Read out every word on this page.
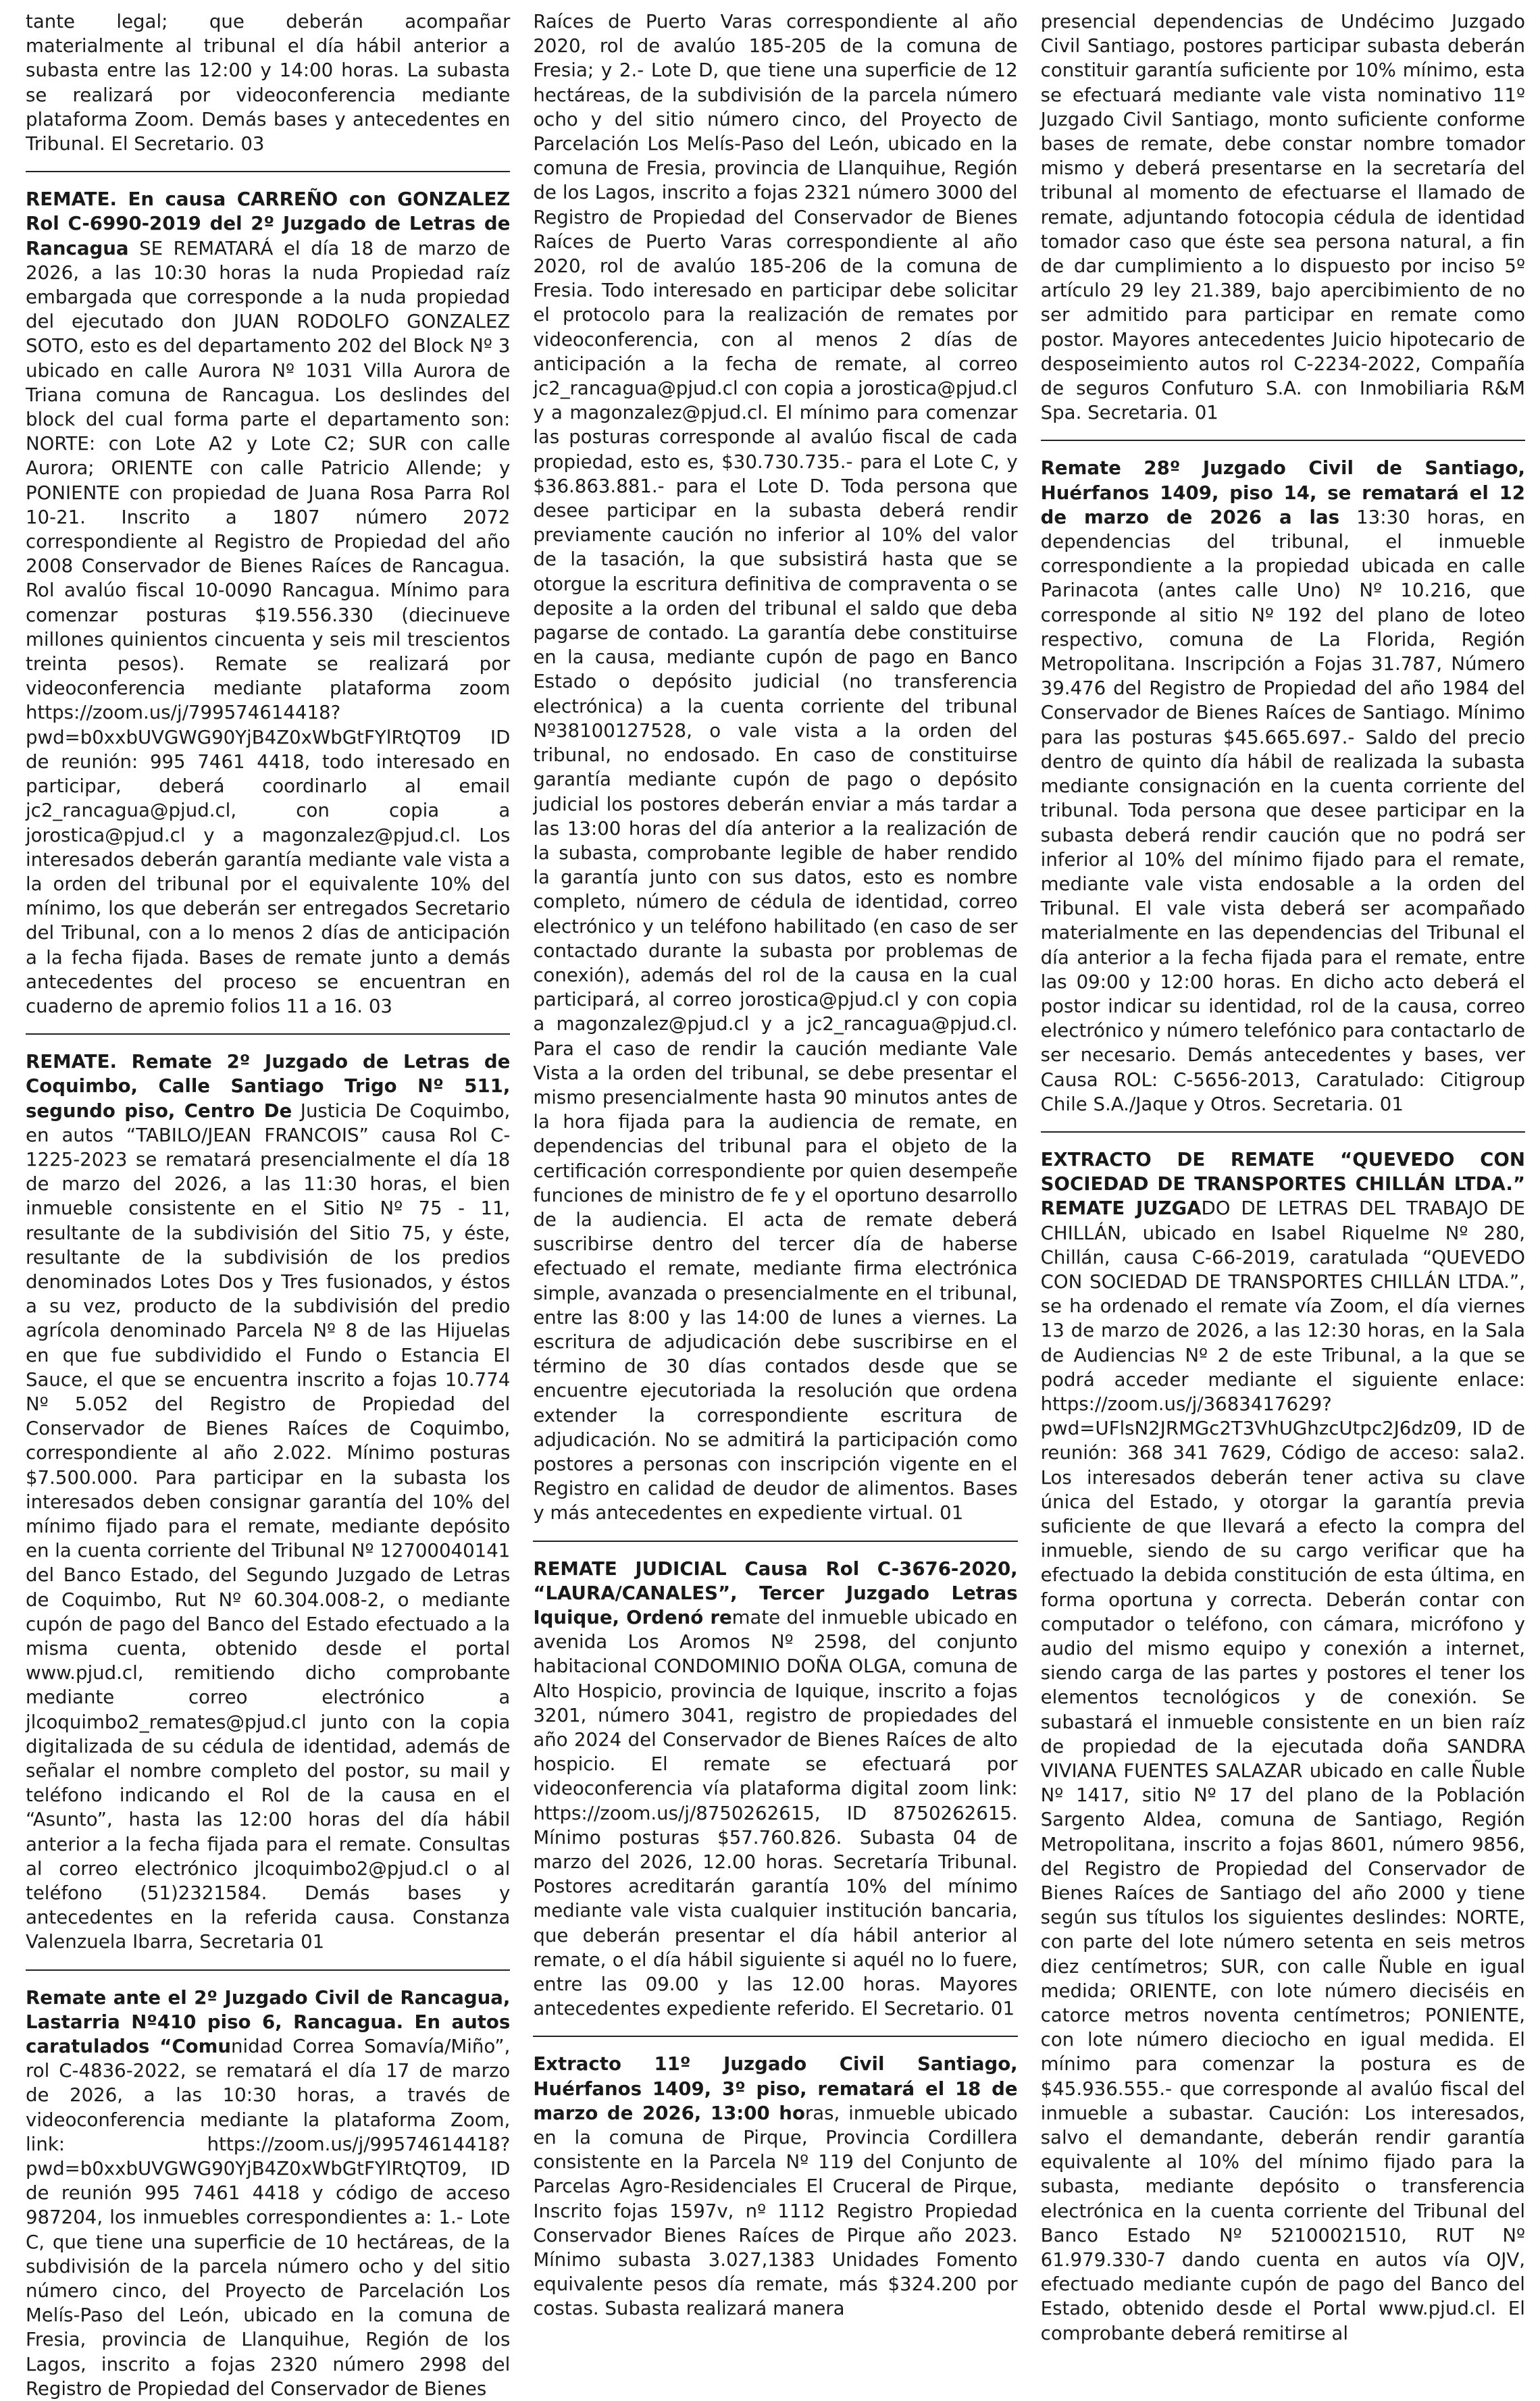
tante legal; que deberán acompañar materialmente al tribunal el día hábil anterior a subasta entre las 12:00 y 14:00 horas. La subasta se realizará por videoconferencia mediante plataforma Zoom. Demás bases y antecedentes en Tribunal. El Secretario. 03

REMATE. En causa CARREÑO con GONZALEZ Rol C-6990-2019 del 2º Juzgado de Letras de Rancagua SE REMATARÁ el día 18 de marzo de 2026, a las 10:30 horas la nuda Propiedad raíz embargada que corresponde a la nuda propiedad del ejecutado don JUAN RODOLFO GONZALEZ SOTO, esto es del departamento 202 del Block Nº 3 ubicado en calle Aurora Nº 1031 Villa Aurora de Triana comuna de Rancagua. Los deslindes del block del cual forma parte el departamento son: NORTE: con Lote A2 y Lote C2; SUR con calle Aurora; ORIENTE con calle Patricio Allende; y PONIENTE con propiedad de Juana Rosa Parra Rol 10-21. Inscrito a 1807 número 2072 correspondiente al Registro de Propiedad del año 2008 Conservador de Bienes Raíces de Rancagua. Rol avalúo fiscal 10-0090 Rancagua. Mínimo para comenzar posturas $19.556.330 (diecinueve millones quinientos cincuenta y seis mil trescientos treinta pesos). Remate se realizará por videoconferencia mediante plataforma zoom https://zoom.us/j/799574614418?pwd=b0xxbUVGWG90YjB4Z0xWbGtFYlRtQT09 ID de reunión: 995 7461 4418, todo interesado en participar, deberá coordinarlo al email jc2_rancagua@pjud.cl, con copia a jorostica@pjud.cl y a magonzalez@pjud.cl. Los interesados deberán garantía mediante vale vista a la orden del tribunal por el equivalente 10% del mínimo, los que deberán ser entregados Secretario del Tribunal, con a lo menos 2 días de anticipación a la fecha fijada. Bases de remate junto a demás antecedentes del proceso se encuentran en cuaderno de apremio folios 11 a 16. 03

REMATE. Remate 2º Juzgado de Letras de Coquimbo, Calle Santiago Trigo Nº 511, segundo piso, Centro De Justicia De Coquimbo, en autos “TABILO/JEAN FRANCOIS” causa Rol C-1225-2023 se rematará presencialmente el día 18 de marzo del 2026, a las 11:30 horas, el bien inmueble consistente en el Sitio Nº 75 - 11, resultante de la subdivisión del Sitio 75, y éste, resultante de la subdivisión de los predios denominados Lotes Dos y Tres fusionados, y éstos a su vez, producto de la subdivisión del predio agrícola denominado Parcela Nº 8 de las Hijuelas en que fue subdividido el Fundo o Estancia El Sauce, el que se encuentra inscrito a fojas 10.774 Nº 5.052 del Registro de Propiedad del Conservador de Bienes Raíces de Coquimbo, correspondiente al año 2.022. Mínimo posturas $7.500.000. Para participar en la subasta los interesados deben consignar garantía del 10% del mínimo fijado para el remate, mediante depósito en la cuenta corriente del Tribunal Nº 12700040141 del Banco Estado, del Segundo Juzgado de Letras de Coquimbo, Rut Nº 60.304.008-2, o mediante cupón de pago del Banco del Estado efectuado a la misma cuenta, obtenido desde el portal www.pjud.cl, remitiendo dicho comprobante mediante correo electrónico a jlcoquimbo2_remates@pjud.cl junto con la copia digitalizada de su cédula de identidad, además de señalar el nombre completo del postor, su mail y teléfono indicando el Rol de la causa en el “Asunto”, hasta las 12:00 horas del día hábil anterior a la fecha fijada para el remate. Consultas al correo electrónico jlcoquimbo2@pjud.cl o al teléfono (51)2321584. Demás bases y antecedentes en la referida causa. Constanza Valenzuela Ibarra, Secretaria 01

Remate ante el 2º Juzgado Civil de Rancagua, Lastarria Nº410 piso 6, Rancagua. En autos caratulados “Comunidad Correa Somavía/Miño”, rol C-4836-2022, se rematará el día 17 de marzo de 2026, a las 10:30 horas, a través de videoconferencia mediante la plataforma Zoom, link: https://zoom.us/j/99574614418?pwd=b0xxbUVGWG90YjB4Z0xWbGtFYlRtQT09, ID de reunión 995 7461 4418 y código de acceso 987204, los inmuebles correspondientes a: 1.- Lote C, que tiene una superficie de 10 hectáreas, de la subdivisión de la parcela número ocho y del sitio número cinco, del Proyecto de Parcelación Los Melís-Paso del León, ubicado en la comuna de Fresia, provincia de Llanquihue, Región de los Lagos, inscrito a fojas 2320 número 2998 del Registro de Propiedad del Conservador de Bienes

Raíces de Puerto Varas correspondiente al año 2020, rol de avalúo 185-205 de la comuna de Fresia; y 2.- Lote D, que tiene una superficie de 12 hectáreas, de la subdivisión de la parcela número ocho y del sitio número cinco, del Proyecto de Parcelación Los Melís-Paso del León, ubicado en la comuna de Fresia, provincia de Llanquihue, Región de los Lagos, inscrito a fojas 2321 número 3000 del Registro de Propiedad del Conservador de Bienes Raíces de Puerto Varas correspondiente al año 2020, rol de avalúo 185-206 de la comuna de Fresia. Todo interesado en participar debe solicitar el protocolo para la realización de remates por videoconferencia, con al menos 2 días de anticipación a la fecha de remate, al correo jc2_rancagua@pjud.cl con copia a jorostica@pjud.cl y a magonzalez@pjud.cl. El mínimo para comenzar las posturas corresponde al avalúo fiscal de cada propiedad, esto es, $30.730.735.- para el Lote C, y $36.863.881.- para el Lote D. Toda persona que desee participar en la subasta deberá rendir previamente caución no inferior al 10% del valor de la tasación, la que subsistirá hasta que se otorgue la escritura definitiva de compraventa o se deposite a la orden del tribunal el saldo que deba pagarse de contado. La garantía debe constituirse en la causa, mediante cupón de pago en Banco Estado o depósito judicial (no transferencia electrónica) a la cuenta corriente del tribunal Nº38100127528, o vale vista a la orden del tribunal, no endosado. En caso de constituirse garantía mediante cupón de pago o depósito judicial los postores deberán enviar a más tardar a las 13:00 horas del día anterior a la realización de la subasta, comprobante legible de haber rendido la garantía junto con sus datos, esto es nombre completo, número de cédula de identidad, correo electrónico y un teléfono habilitado (en caso de ser contactado durante la subasta por problemas de conexión), además del rol de la causa en la cual participará, al correo jorostica@pjud.cl y con copia a magonzalez@pjud.cl y a jc2_rancagua@pjud.cl. Para el caso de rendir la caución mediante Vale Vista a la orden del tribunal, se debe presentar el mismo presencialmente hasta 90 minutos antes de la hora fijada para la audiencia de remate, en dependencias del tribunal para el objeto de la certificación correspondiente por quien desempeñe funciones de ministro de fe y el oportuno desarrollo de la audiencia. El acta de remate deberá suscribirse dentro del tercer día de haberse efectuado el remate, mediante firma electrónica simple, avanzada o presencialmente en el tribunal, entre las 8:00 y las 14:00 de lunes a viernes. La escritura de adjudicación debe suscribirse en el término de 30 días contados desde que se encuentre ejecutoriada la resolución que ordena extender la correspondiente escritura de adjudicación. No se admitirá la participación como postores a personas con inscripción vigente en el Registro en calidad de deudor de alimentos. Bases y más antecedentes en expediente virtual. 01

REMATE JUDICIAL Causa Rol C-3676-2020, “LAURA/CANALES”, Tercer Juzgado Letras Iquique, Ordenó remate del inmueble ubicado en avenida Los Aromos Nº 2598, del conjunto habitacional CONDOMINIO DOÑA OLGA, comuna de Alto Hospicio, provincia de Iquique, inscrito a fojas 3201, número 3041, registro de propiedades del año 2024 del Conservador de Bienes Raíces de alto hospicio. El remate se efectuará por videoconferencia vía plataforma digital zoom link: https://zoom.us/j/8750262615, ID 8750262615. Mínimo posturas $57.760.826. Subasta 04 de marzo del 2026, 12.00 horas. Secretaría Tribunal. Postores acreditarán garantía 10% del mínimo mediante vale vista cualquier institución bancaria, que deberán presentar el día hábil anterior al remate, o el día hábil siguiente si aquél no lo fuere, entre las 09.00 y las 12.00 horas. Mayores antecedentes expediente referido. El Secretario. 01

Extracto 11º Juzgado Civil Santiago, Huérfanos 1409, 3º piso, rematará el 18 de marzo de 2026, 13:00 horas, inmueble ubicado en la comuna de Pirque, Provincia Cordillera consistente en la Parcela Nº 119 del Conjunto de Parcelas Agro-Residenciales El Cruceral de Pirque, Inscrito fojas 1597v, nº 1112 Registro Propiedad Conservador Bienes Raíces de Pirque año 2023. Mínimo subasta 3.027,1383 Unidades Fomento equivalente pesos día remate, más $324.200 por costas. Subasta realizará manera

presencial dependencias de Undécimo Juzgado Civil Santiago, postores participar subasta deberán constituir garantía suficiente por 10% mínimo, esta se efectuará mediante vale vista nominativo 11º Juzgado Civil Santiago, monto suficiente conforme bases de remate, debe constar nombre tomador mismo y deberá presentarse en la secretaría del tribunal al momento de efectuarse el llamado de remate, adjuntando fotocopia cédula de identidad tomador caso que éste sea persona natural, a fin de dar cumplimiento a lo dispuesto por inciso 5º artículo 29 ley 21.389, bajo apercibimiento de no ser admitido para participar en remate como postor. Mayores antecedentes Juicio hipotecario de desposeimiento autos rol C-2234-2022, Compañía de seguros Confuturo S.A. con Inmobiliaria R&M Spa. Secretaria. 01

Remate 28º Juzgado Civil de Santiago, Huérfanos 1409, piso 14, se rematará el 12 de marzo de 2026 a las 13:30 horas, en dependencias del tribunal, el inmueble correspondiente a la propiedad ubicada en calle Parinacota (antes calle Uno) Nº 10.216, que corresponde al sitio Nº 192 del plano de loteo respectivo, comuna de La Florida, Región Metropolitana. Inscripción a Fojas 31.787, Número 39.476 del Registro de Propiedad del año 1984 del Conservador de Bienes Raíces de Santiago. Mínimo para las posturas $45.665.697.- Saldo del precio dentro de quinto día hábil de realizada la subasta mediante consignación en la cuenta corriente del tribunal. Toda persona que desee participar en la subasta deberá rendir caución que no podrá ser inferior al 10% del mínimo fijado para el remate, mediante vale vista endosable a la orden del Tribunal. El vale vista deberá ser acompañado materialmente en las dependencias del Tribunal el día anterior a la fecha fijada para el remate, entre las 09:00 y 12:00 horas. En dicho acto deberá el postor indicar su identidad, rol de la causa, correo electrónico y número telefónico para contactarlo de ser necesario. Demás antecedentes y bases, ver Causa ROL: C-5656-2013, Caratulado: Citigroup Chile S.A./Jaque y Otros. Secretaria. 01

EXTRACTO DE REMATE “QUEVEDO CON SOCIEDAD DE TRANSPORTES CHILLÁN LTDA.” REMATE JUZGADO DE LETRAS DEL TRABAJO DE CHILLÁN, ubicado en Isabel Riquelme Nº 280, Chillán, causa C-66-2019, caratulada “QUEVEDO CON SOCIEDAD DE TRANSPORTES CHILLÁN LTDA.”, se ha ordenado el remate vía Zoom, el día viernes 13 de marzo de 2026, a las 12:30 horas, en la Sala de Audiencias Nº 2 de este Tribunal, a la que se podrá acceder mediante el siguiente enlace: https://zoom.us/j/3683417629?pwd=UFlsN2JRMGc2T3VhUGhzcUtpc2J6dz09, ID de reunión: 368 341 7629, Código de acceso: sala2. Los interesados deberán tener activa su clave única del Estado, y otorgar la garantía previa suficiente de que llevará a efecto la compra del inmueble, siendo de su cargo verificar que ha efectuado la debida constitución de esta última, en forma oportuna y correcta. Deberán contar con computador o teléfono, con cámara, micrófono y audio del mismo equipo y conexión a internet, siendo carga de las partes y postores el tener los elementos tecnológicos y de conexión. Se subastará el inmueble consistente en un bien raíz de propiedad de la ejecutada doña SANDRA VIVIANA FUENTES SALAZAR ubicado en calle Ñuble Nº 1417, sitio Nº 17 del plano de la Población Sargento Aldea, comuna de Santiago, Región Metropolitana, inscrito a fojas 8601, número 9856, del Registro de Propiedad del Conservador de Bienes Raíces de Santiago del año 2000 y tiene según sus títulos los siguientes deslindes: NORTE, con parte del lote número setenta en seis metros diez centímetros; SUR, con calle Ñuble en igual medida; ORIENTE, con lote número dieciséis en catorce metros noventa centímetros; PONIENTE, con lote número dieciocho en igual medida. El mínimo para comenzar la postura es de $45.936.555.- que corresponde al avalúo fiscal del inmueble a subastar. Caución: Los interesados, salvo el demandante, deberán rendir garantía equivalente al 10% del mínimo fijado para la subasta, mediante depósito o transferencia electrónica en la cuenta corriente del Tribunal del Banco Estado Nº 52100021510, RUT Nº 61.979.330-7 dando cuenta en autos vía OJV, efectuado mediante cupón de pago del Banco del Estado, obtenido desde el Portal www.pjud.cl. El comprobante deberá remitirse al
